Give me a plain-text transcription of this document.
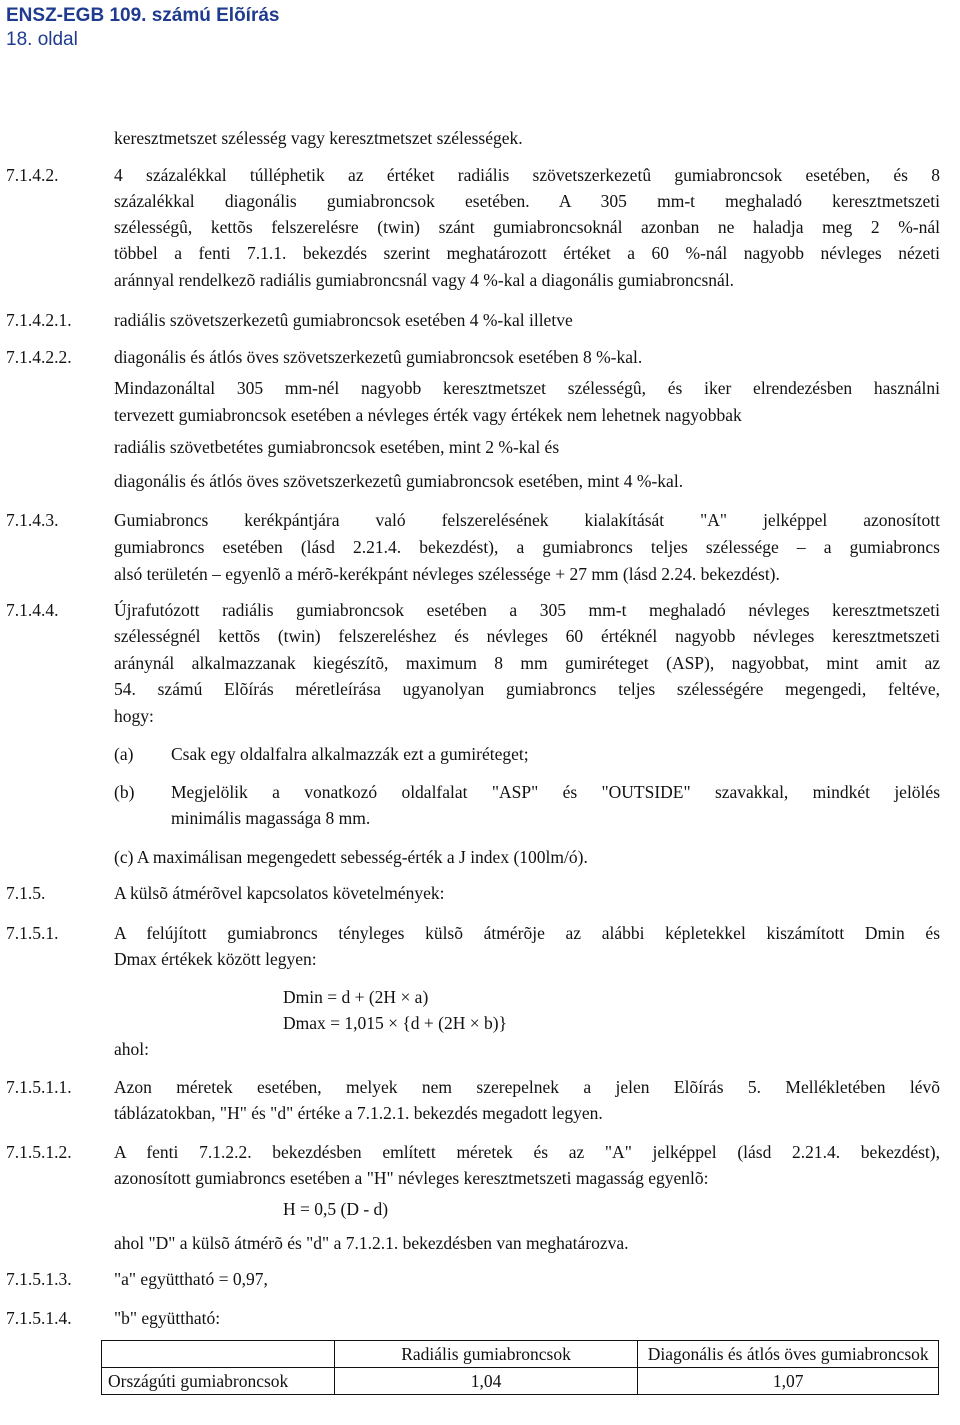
ENSZ-EGB 109. számú Elõírás
18. oldal
keresztmetszet szélesség vagy keresztmetszet szélességek.
7.1.4.2.	4 százalékkal túlléphetik az értéket radiális szövetszerkezetû gumiabroncsok esetében, és 8
százalékkal diagonális gumiabroncsok esetében. A 305 mm-t meghaladó keresztmetszeti
szélességû, kettõs felszerelésre (twin) szánt gumiabroncsoknál azonban ne haladja meg 2 %-nál
többel a fenti 7.1.1. bekezdés szerint meghatározott értéket a 60 %-nál nagyobb névleges nézeti
aránnyal rendelkezõ radiális gumiabroncsnál vagy 4 %-kal a diagonális gumiabroncsnál.
7.1.4.2.1. radiális szövetszerkezetû gumiabroncsok esetében 4 %-kal illetve
7.1.4.2.2. diagonális és átlós öves szövetszerkezetû gumiabroncsok esetében 8 %-kal.
Mindazonáltal 305 mm-nél nagyobb keresztmetszet szélességû, és iker elrendezésben használni
tervezett gumiabroncsok esetében a névleges érték vagy értékek nem lehetnek nagyobbak
radiális szövetbetétes gumiabroncsok esetében, mint 2 %-kal és
diagonális és átlós öves szövetszerkezetû gumiabroncsok esetében, mint 4 %-kal.
7.1.4.3.	Gumiabroncs kerékpántjára való felszerelésének kialakítását "A" jelképpel azonosított
gumiabroncs esetében (lásd 2.21.4. bekezdést), a gumiabroncs teljes szélessége – a gumiabroncs
alsó területén – egyenlõ a mérõ-kerékpánt névleges szélessége + 27 mm (lásd 2.24. bekezdést).
7.1.4.4.	Újrafutózott radiális gumiabroncsok esetében a 305 mm-t meghaladó névleges keresztmetszeti
szélességnél kettõs (twin) felszereléshez és névleges 60 értéknél nagyobb névleges keresztmetszeti
aránynál alkalmazzanak kiegészítõ, maximum 8 mm gumiréteget (ASP), nagyobbat, mint amit az
54. számú Elõírás méretleírása ugyanolyan gumiabroncs teljes szélességére megengedi, feltéve,
hogy:
(a) Csak egy oldalfalra alkalmazzák ezt a gumiréteget;
(b) Megjelölik a vonatkozó oldalfalat "ASP" és "OUTSIDE" szavakkal, mindkét jelölés
minimális magassága 8 mm.
(c) A maximálisan megengedett sebesség-érték a J index (100lm/ó).
7.1.5.	A külsõ átmérõvel kapcsolatos követelmények:
7.1.5.1.	A felújított gumiabroncs tényleges külsõ átmérõje az alábbi képletekkel kiszámított Dmin és
Dmax értékek között legyen:
Dmin = d + (2H × a)
Dmax = 1,015 × {d + (2H × b)}
ahol:
7.1.5.1.1. Azon méretek esetében, melyek nem szerepelnek a jelen Elõírás 5. Mellékletében lévõ
táblázatokban, "H" és "d" értéke a 7.1.2.1. bekezdés megadott legyen.
7.1.5.1.2. A fenti 7.1.2.2. bekezdésben említett méretek és az "A" jelképpel (lásd 2.21.4. bekezdést),
azonosított gumiabroncs esetében a "H" névleges keresztmetszeti magasság egyenlõ:
H = 0,5 (D - d)
ahol "D" a külsõ átmérõ és "d" a 7.1.2.1. bekezdésben van meghatározva.
7.1.5.1.3. "a" együttható = 0,97,
7.1.5.1.4. "b" együttható:
	Radiális gumiabroncsok	Diagonális és átlós öves gumiabroncsok
Országúti gumiabroncsok	1,04	1,07
